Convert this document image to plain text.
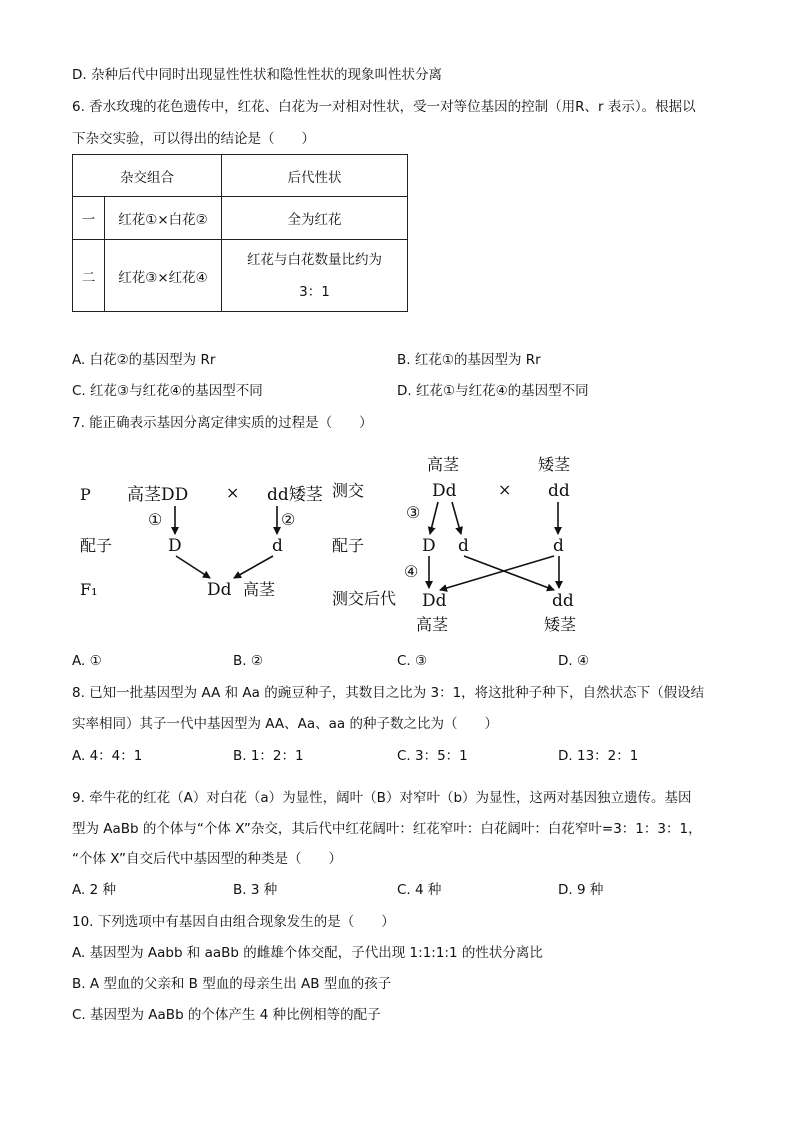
D. 杂种后代中同时出现显性性状和隐性性状的现象叫性状分离
6. 香水玫瑰的花色遗传中，红花、白花为一对相对性状，受一对等位基因的控制（用R、r 表示）。根据以
下杂交实验，可以得出的结论是（　　）
杂交组合		后代性状
一	红花①×白花②	全为红花
二	红花③×红花④	红花与白花数量比约为
3：1
A. 白花②的基因型为 Rr	B. 红花①的基因型为 Rr
C. 红花③与红花④的基因型不同	D. 红花①与红花④的基因型不同
7. 能正确表示基因分离定律实质的过程是（　　）
P 高茎DD × dd矮茎
①	②
配子	D	d
F₁	Dd 高茎
高茎	矮茎
测交	Dd	× dd
③
配子	D d	d
④
测交后代 Dd	dd
高茎	矮茎
A. ①	B. ②	C. ③	D. ④
8. 已知一批基因型为 AA 和 Aa 的豌豆种子，其数目之比为 3：1，将这批种子种下，自然状态下（假设结
实率相同）其子一代中基因型为 AA、Aa、aa 的种子数之比为（　　）
A. 4：4：1	B. 1：2：1	C. 3：5：1	D. 13：2：1
9. 牵牛花的红花（A）对白花（a）为显性，阔叶（B）对窄叶（b）为显性，这两对基因独立遗传。基因
型为 AaBb 的个体与“个体 X”杂交，其后代中红花阔叶：红花窄叶：白花阔叶：白花窄叶=3：1：3：1，
“个体 X”自交后代中基因型的种类是（　　）
A. 2 种	B. 3 种	C. 4 种	D. 9 种
10. 下列选项中有基因自由组合现象发生的是（　　）
A. 基因型为 Aabb 和 aaBb 的雌雄个体交配，子代出现 1:1:1:1 的性状分离比
B. A 型血的父亲和 B 型血的母亲生出 AB 型血的孩子
C. 基因型为 AaBb 的个体产生 4 种比例相等的配子
